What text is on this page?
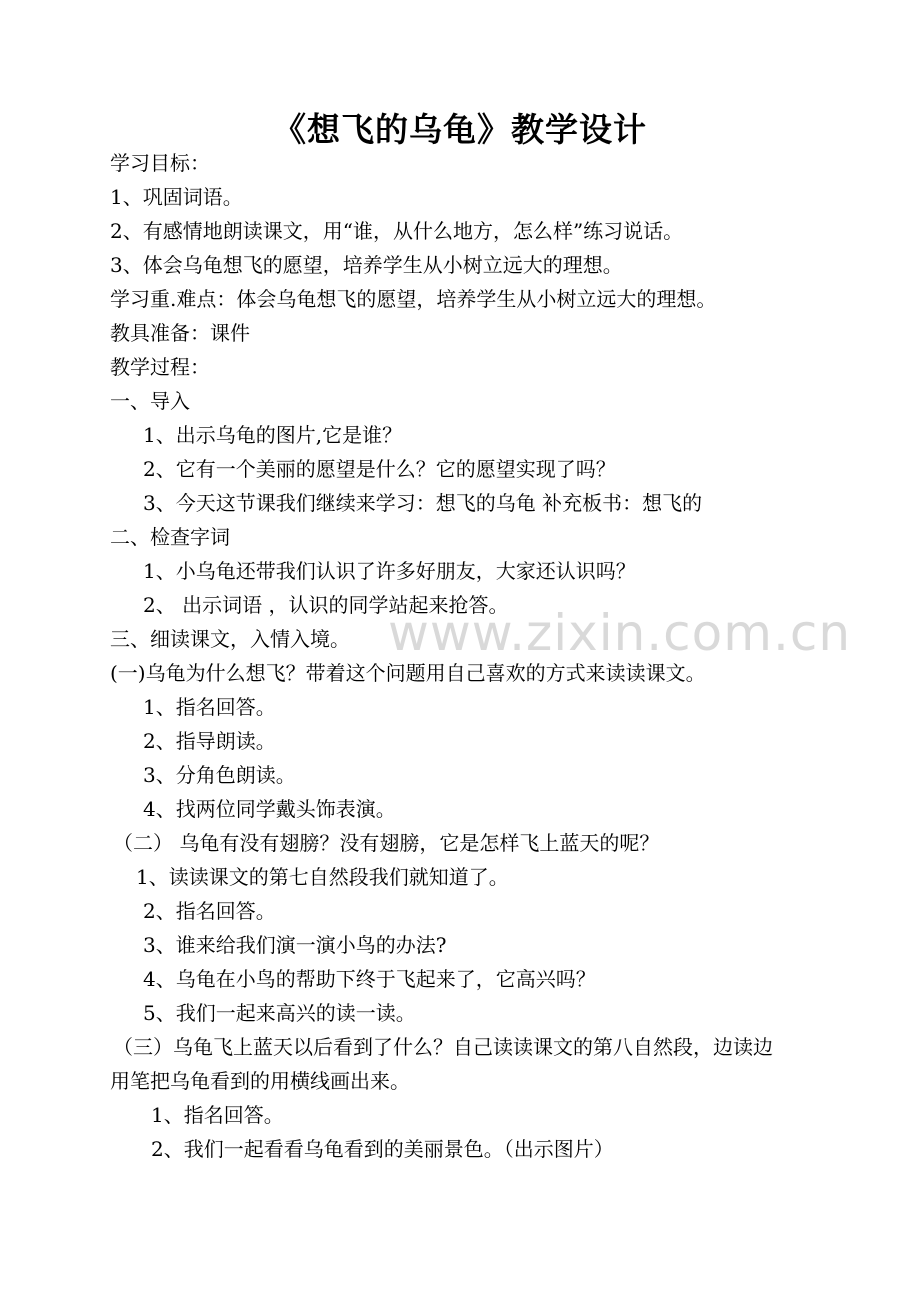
《想飞的乌龟》教学设计
学习目标：
1、巩固词语。
2、有感情地朗读课文，用“谁，从什么地方，怎么样”练习说话。
3、体会乌龟想飞的愿望，培养学生从小树立远大的理想。
学习重.难点：体会乌龟想飞的愿望，培养学生从小树立远大的理想。
教具准备：课件
教学过程：
一、导入
1、出示乌龟的图片,它是谁？
2、它有一个美丽的愿望是什么？它的愿望实现了吗？
3、今天这节课我们继续来学习：想飞的乌龟 补充板书：想飞的
二、检查字词
1、小乌龟还带我们认识了许多好朋友，大家还认识吗？
2、 出示词语 ，认识的同学站起来抢答。
三、细读课文，入情入境。
(一)乌龟为什么想飞？带着这个问题用自己喜欢的方式来读读课文。
1、指名回答。
2、指导朗读。
3、分角色朗读。
4、找两位同学戴头饰表演。
（二） 乌龟有没有翅膀？没有翅膀，它是怎样飞上蓝天的呢？
1、读读课文的第七自然段我们就知道了。
2、指名回答。
3、谁来给我们演一演小鸟的办法?
4、乌龟在小鸟的帮助下终于飞起来了，它高兴吗？
5、我们一起来高兴的读一读。
（三）乌龟飞上蓝天以后看到了什么？自己读读课文的第八自然段，边读边
用笔把乌龟看到的用横线画出来。
1、指名回答。
2、我们一起看看乌龟看到的美丽景色。（出示图片）
www.zixin.com.cn
